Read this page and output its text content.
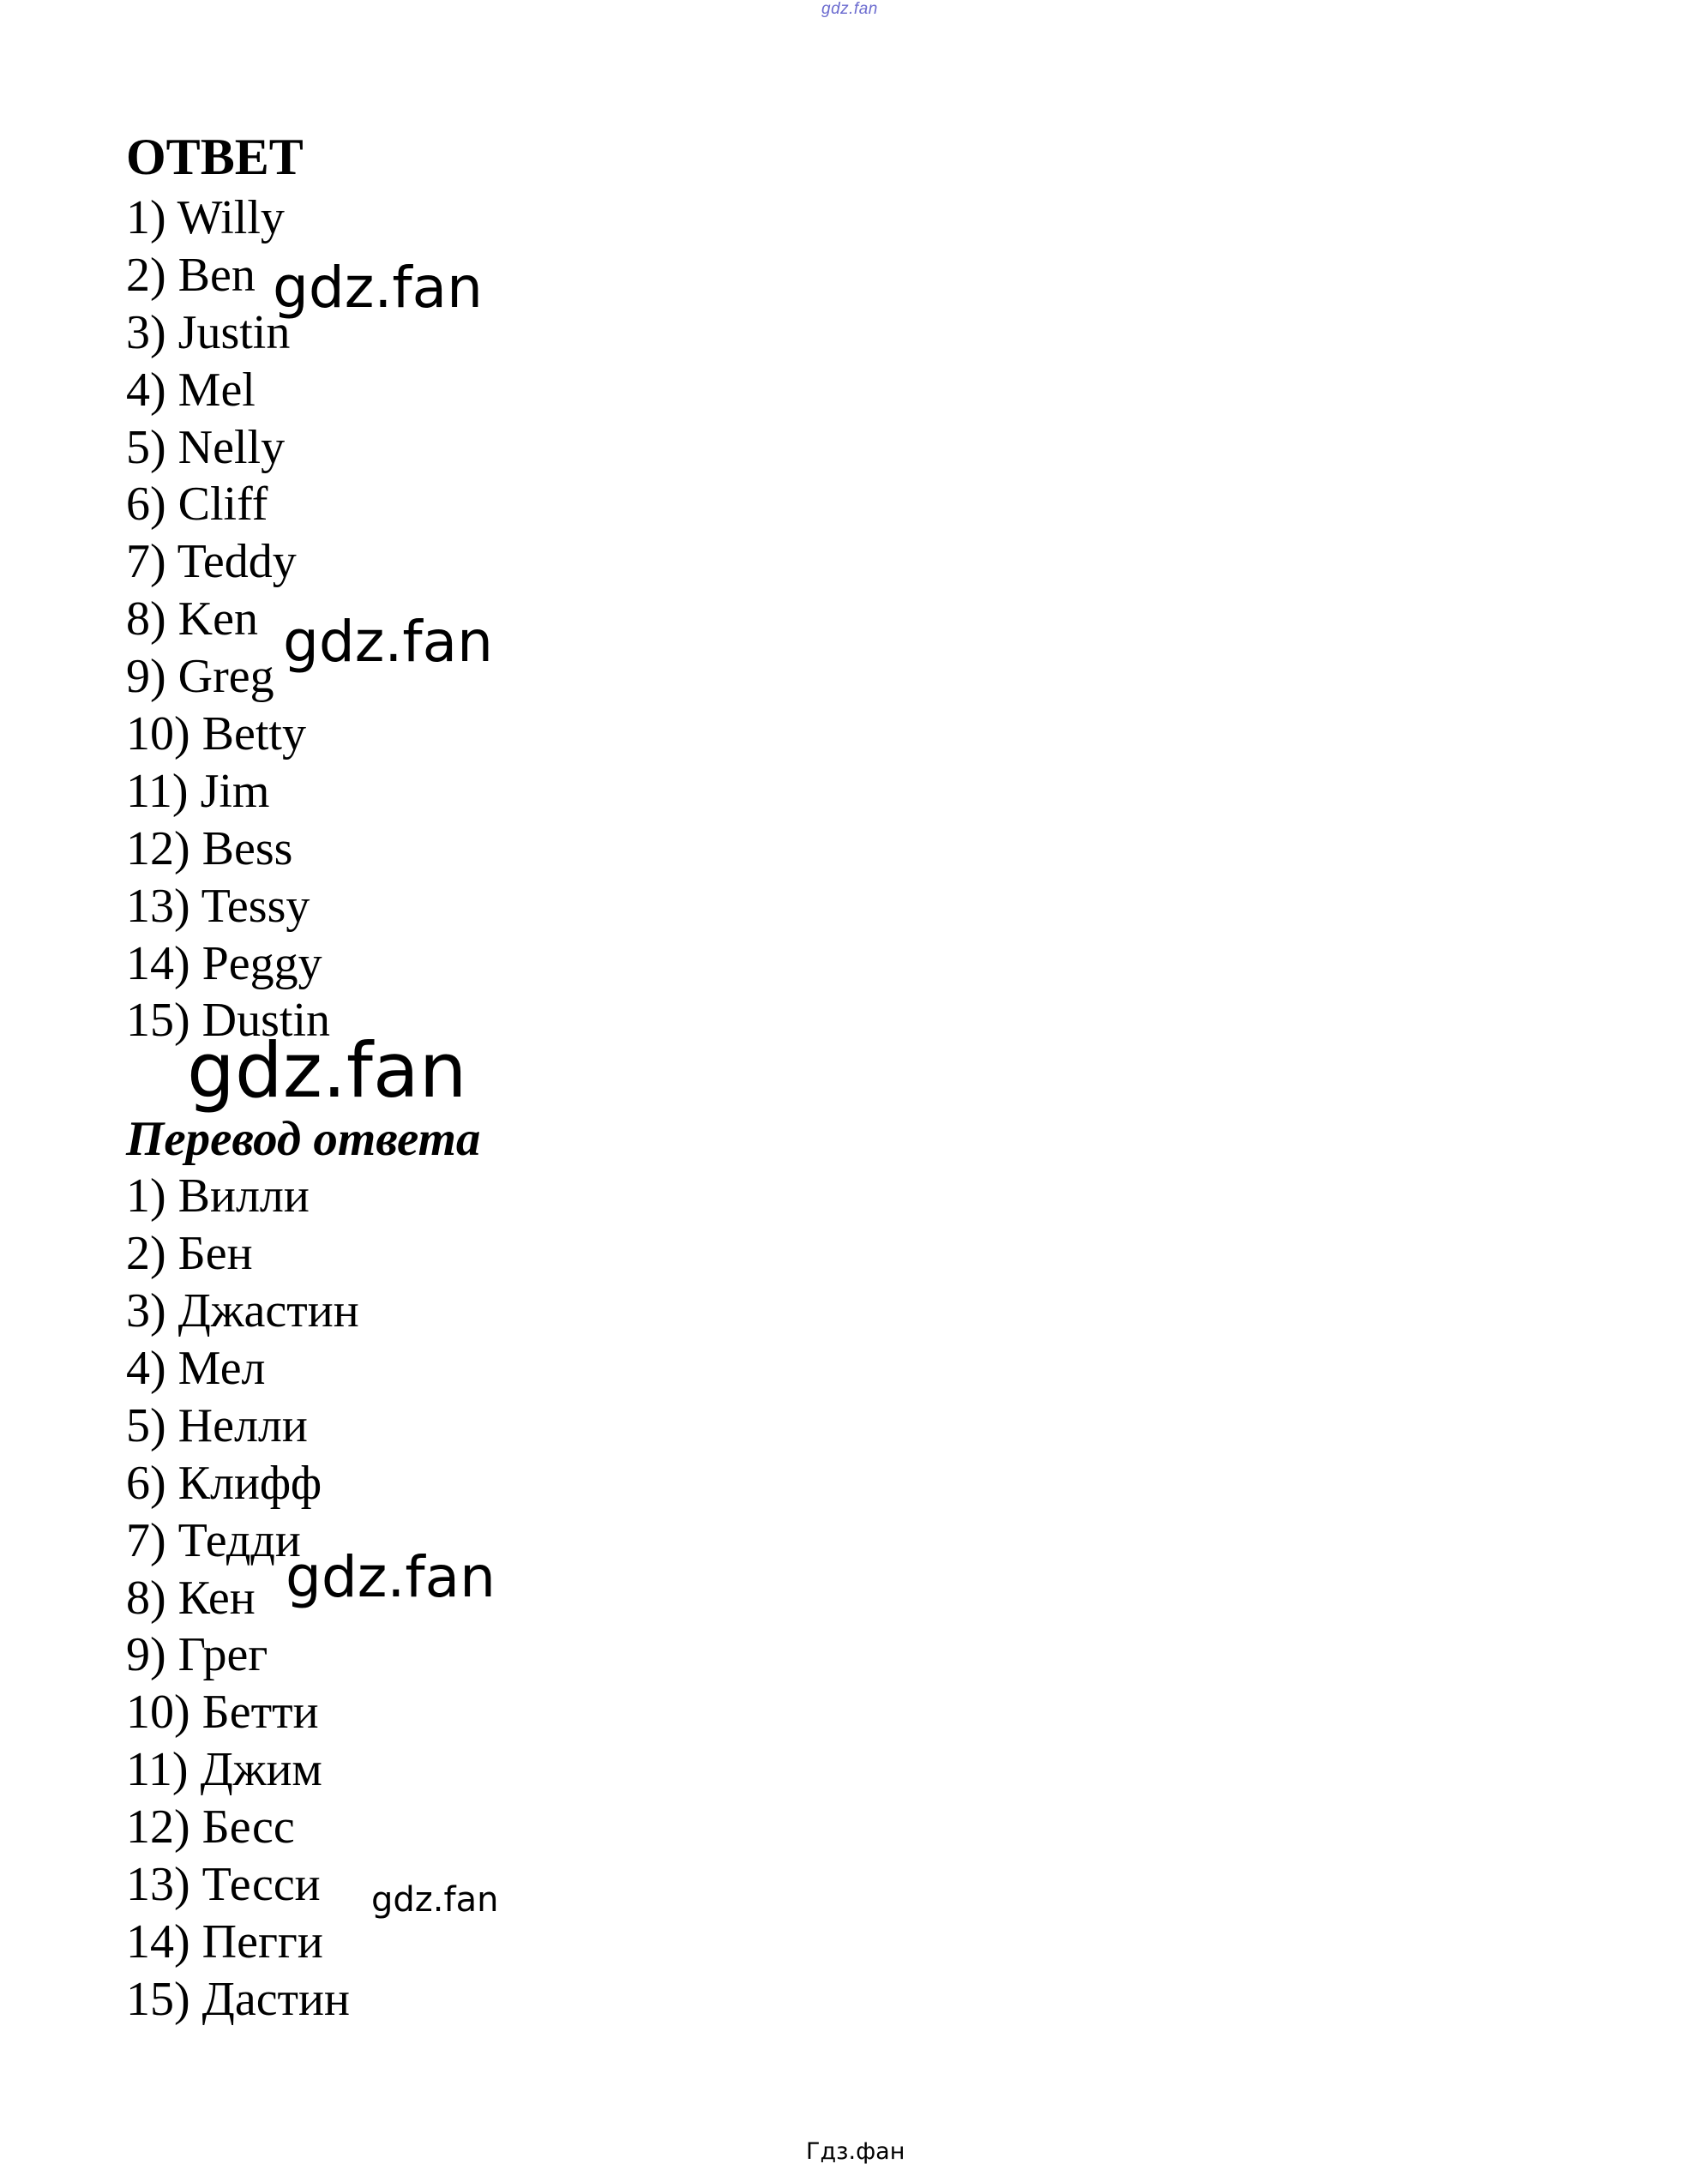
gdz.fan
ОТВЕТ
1) Willy
2) Ben
3) Justin
4) Mel
5) Nelly
6) Cliff
7) Teddy
8) Ken
9) Greg
10) Betty
11) Jim
12) Bess
13) Tessy
14) Peggy
15) Dustin
Перевод ответа
1) Вилли
2) Бен
3) Джастин
4) Мел
5) Нелли
6) Клифф
7) Тедди
8) Кен
9) Грег
10) Бетти
11) Джим
12) Бесс
13) Тесси
14) Пегги
15) Дастин
gdz.fan
gdz.fan
gdz.fan
gdz.fan
gdz.fan
Гдз.фан
